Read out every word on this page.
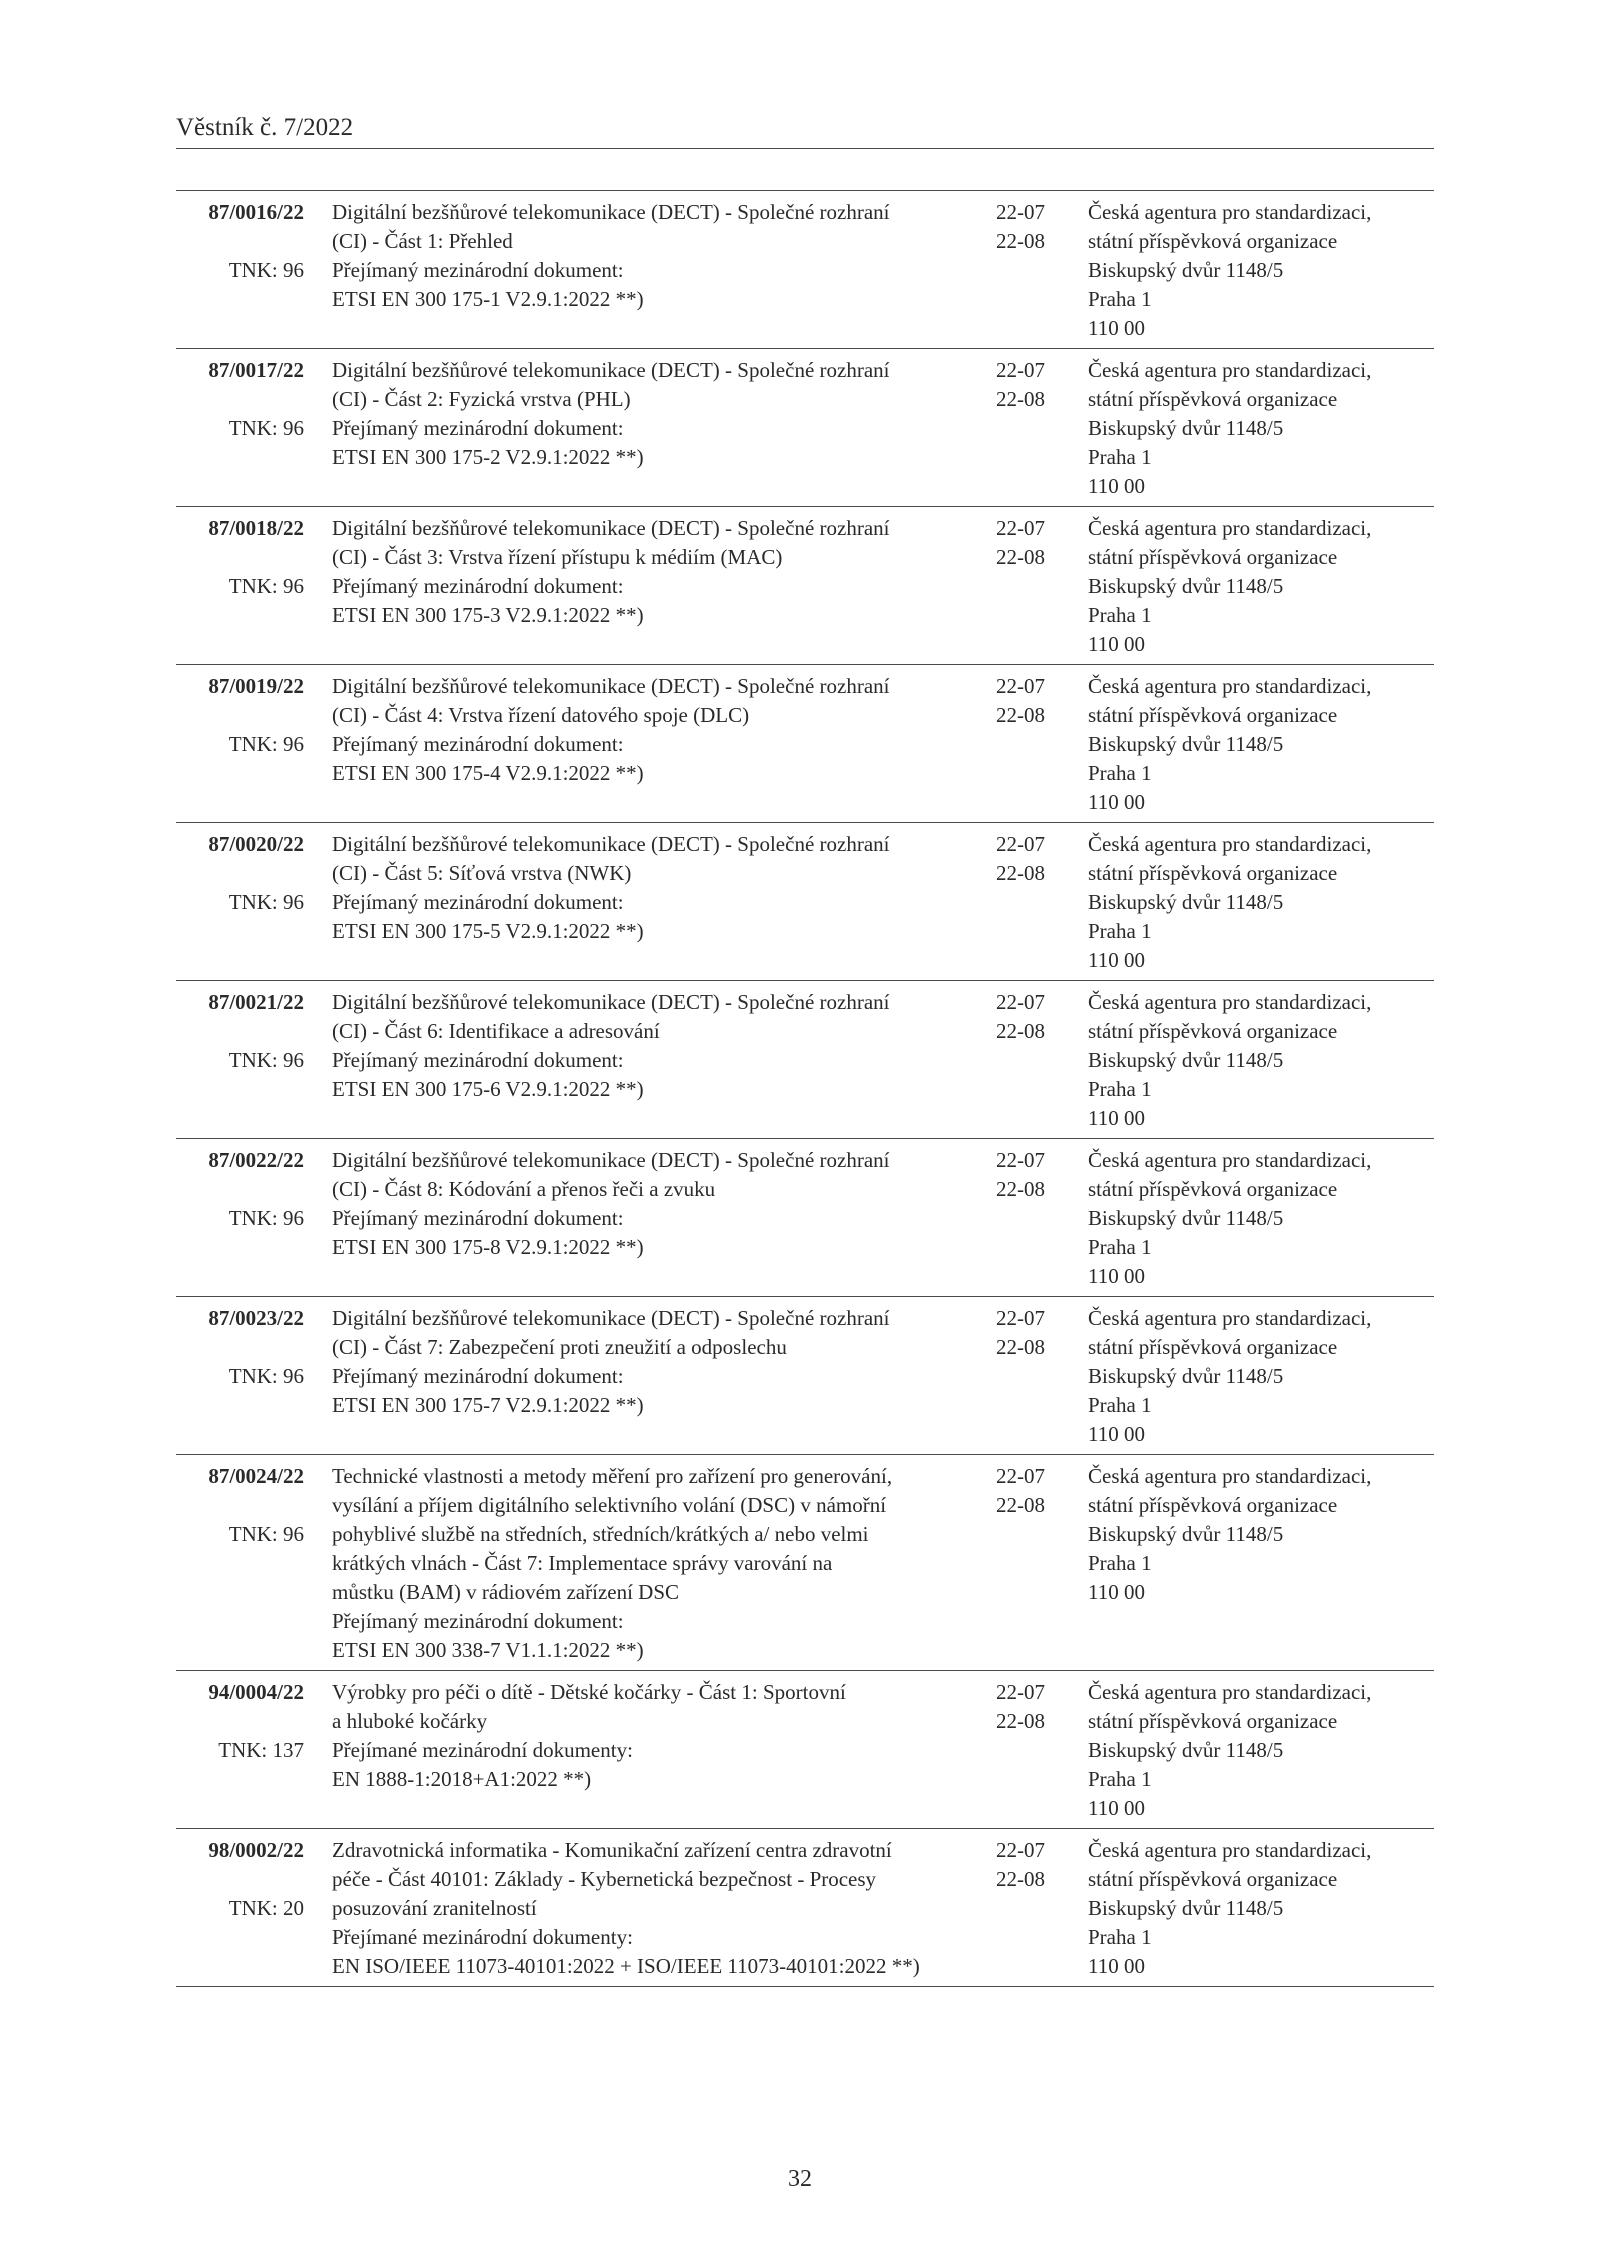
Věstník č. 7/2022
87/0016/22
TNK: 96
Digitální bezšňůrové telekomunikace (DECT) - Společné rozhraní
(CI) - Část 1: Přehled
Přejímaný mezinárodní dokument:
ETSI EN 300 175-1 V2.9.1:2022 **)
22-07
22-08
Česká agentura pro standardizaci,
státní příspěvková organizace
Biskupský dvůr 1148/5
Praha 1
110 00
87/0017/22
TNK: 96
Digitální bezšňůrové telekomunikace (DECT) - Společné rozhraní
(CI) - Část 2: Fyzická vrstva (PHL)
Přejímaný mezinárodní dokument:
ETSI EN 300 175-2 V2.9.1:2022 **)
22-07
22-08
Česká agentura pro standardizaci,
státní příspěvková organizace
Biskupský dvůr 1148/5
Praha 1
110 00
87/0018/22
TNK: 96
Digitální bezšňůrové telekomunikace (DECT) - Společné rozhraní
(CI) - Část 3: Vrstva řízení přístupu k médiím (MAC)
Přejímaný mezinárodní dokument:
ETSI EN 300 175-3 V2.9.1:2022 **)
22-07
22-08
Česká agentura pro standardizaci,
státní příspěvková organizace
Biskupský dvůr 1148/5
Praha 1
110 00
87/0019/22
TNK: 96
Digitální bezšňůrové telekomunikace (DECT) - Společné rozhraní
(CI) - Část 4: Vrstva řízení datového spoje (DLC)
Přejímaný mezinárodní dokument:
ETSI EN 300 175-4 V2.9.1:2022 **)
22-07
22-08
Česká agentura pro standardizaci,
státní příspěvková organizace
Biskupský dvůr 1148/5
Praha 1
110 00
87/0020/22
TNK: 96
Digitální bezšňůrové telekomunikace (DECT) - Společné rozhraní
(CI) - Část 5: Síťová vrstva (NWK)
Přejímaný mezinárodní dokument:
ETSI EN 300 175-5 V2.9.1:2022 **)
22-07
22-08
Česká agentura pro standardizaci,
státní příspěvková organizace
Biskupský dvůr 1148/5
Praha 1
110 00
87/0021/22
TNK: 96
Digitální bezšňůrové telekomunikace (DECT) - Společné rozhraní
(CI) - Část 6: Identifikace a adresování
Přejímaný mezinárodní dokument:
ETSI EN 300 175-6 V2.9.1:2022 **)
22-07
22-08
Česká agentura pro standardizaci,
státní příspěvková organizace
Biskupský dvůr 1148/5
Praha 1
110 00
87/0022/22
TNK: 96
Digitální bezšňůrové telekomunikace (DECT) - Společné rozhraní
(CI) - Část 8: Kódování a přenos řeči a zvuku
Přejímaný mezinárodní dokument:
ETSI EN 300 175-8 V2.9.1:2022 **)
22-07
22-08
Česká agentura pro standardizaci,
státní příspěvková organizace
Biskupský dvůr 1148/5
Praha 1
110 00
87/0023/22
TNK: 96
Digitální bezšňůrové telekomunikace (DECT) - Společné rozhraní
(CI) - Část 7: Zabezpečení proti zneužití a odposlechu
Přejímaný mezinárodní dokument:
ETSI EN 300 175-7 V2.9.1:2022 **)
22-07
22-08
Česká agentura pro standardizaci,
státní příspěvková organizace
Biskupský dvůr 1148/5
Praha 1
110 00
87/0024/22
TNK: 96
Technické vlastnosti a metody měření pro zařízení pro generování,
vysílání a příjem digitálního selektivního volání (DSC) v námořní
pohyblivé službě na středních, středních/krátkých a/ nebo velmi
krátkých vlnách - Část 7: Implementace správy varování na
můstku (BAM) v rádiovém zařízení DSC
Přejímaný mezinárodní dokument:
ETSI EN 300 338-7 V1.1.1:2022 **)
22-07
22-08
Česká agentura pro standardizaci,
státní příspěvková organizace
Biskupský dvůr 1148/5
Praha 1
110 00
94/0004/22
TNK: 137
Výrobky pro péči o dítě - Dětské kočárky - Část 1: Sportovní
a hluboké kočárky
Přejímané mezinárodní dokumenty:
EN 1888-1:2018+A1:2022 **)
22-07
22-08
Česká agentura pro standardizaci,
státní příspěvková organizace
Biskupský dvůr 1148/5
Praha 1
110 00
98/0002/22
TNK: 20
Zdravotnická informatika - Komunikační zařízení centra zdravotní
péče - Část 40101: Základy - Kybernetická bezpečnost - Procesy
posuzování zranitelností
Přejímané mezinárodní dokumenty:
EN ISO/IEEE 11073-40101:2022 + ISO/IEEE 11073-40101:2022 **)
22-07
22-08
Česká agentura pro standardizaci,
státní příspěvková organizace
Biskupský dvůr 1148/5
Praha 1
110 00
32
